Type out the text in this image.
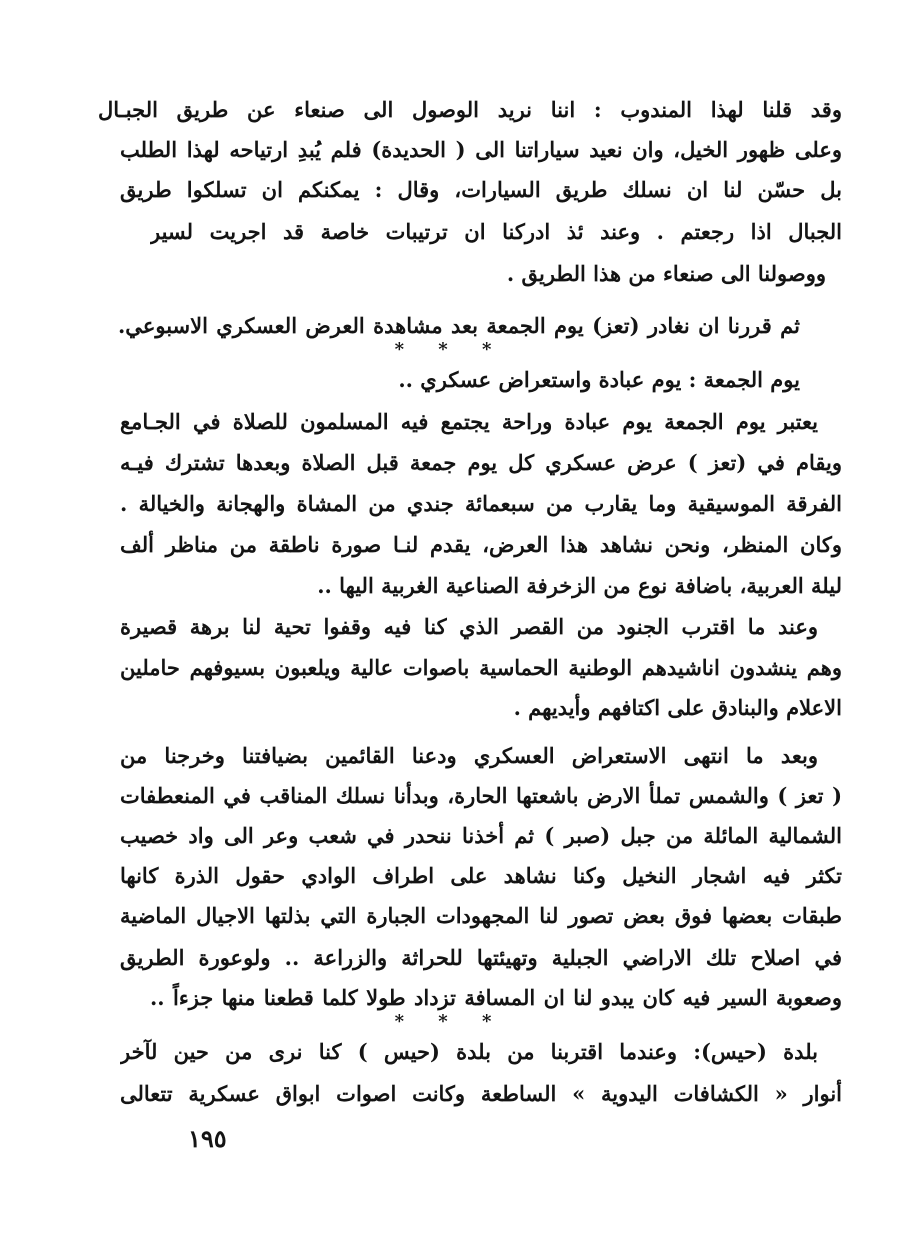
وقد قلنا لهذا المندوب : اننا نريد الوصول الى صنعاء عن طريق الجبـال
وعلى ظهور الخيل، وان نعيد سياراتنا الى ( الحديدة) فلم يُبدِ ارتياحه لهذا الطلب
بل حسّن لنا ان نسلك طريق السيارات، وقال : يمكنكم ان تسلكوا طريق
الجبال اذا رجعتم . وعند ئذ ادركنا ان ترتيبات خاصة قد اجريت لسير
ووصولنا الى صنعاء من هذا الطريق .
ثم قررنا ان نغادر (تعز) يوم الجمعة بعد مشاهدة العرض العسكري الاسبوعي.
* * *
يوم الجمعة : يوم عبادة واستعراض عسكري ..
يعتبر يوم الجمعة يوم عبادة وراحة يجتمع فيه المسلمون للصلاة في الجـامع
ويقام في (تعز ) عرض عسكري كل يوم جمعة قبل الصلاة وبعدها تشترك فيـه
الفرقة الموسيقية وما يقارب من سبعمائة جندي من المشاة والهجانة والخيالة .
وكان المنظر، ونحن نشاهد هذا العرض، يقدم لنـا صورة ناطقة من مناظر ألف
ليلة العربية، باضافة نوع من الزخرفة الصناعية الغربية اليها ..
وعند ما اقترب الجنود من القصر الذي كنا فيه وقفوا تحية لنا برهة قصيرة
وهم ينشدون اناشيدهم الوطنية الحماسية باصوات عالية ويلعبون بسيوفهم حاملين
الاعلام والبنادق على اكتافهم وأيديهم .
وبعد ما انتهى الاستعراض العسكري ودعنا القائمين بضيافتنا وخرجنا من
( تعز ) والشمس تملأ الارض باشعتها الحارة، وبدأنا نسلك المناقب في المنعطفات
الشمالية المائلة من جبل (صبر ) ثم أخذنا ننحدر في شعب وعر الى واد خصيب
تكثر فيه اشجار النخيل وكنا نشاهد على اطراف الوادي حقول الذرة كانها
طبقات بعضها فوق بعض تصور لنا المجهودات الجبارة التي بذلتها الاجيال الماضية
في اصلاح تلك الاراضي الجبلية وتهيئتها للحراثة والزراعة .. ولوعورة الطريق
وصعوبة السير فيه كان يبدو لنا ان المسافة تزداد طولا كلما قطعنا منها جزءاً ..
* * *
بلدة (حيس): وعندما اقتربنا من بلدة (حيس ) كنا نرى من حين لآخر
أنوار « الكشافات اليدوية » الساطعة وكانت اصوات ابواق عسكرية تتعالى
١٩٥
